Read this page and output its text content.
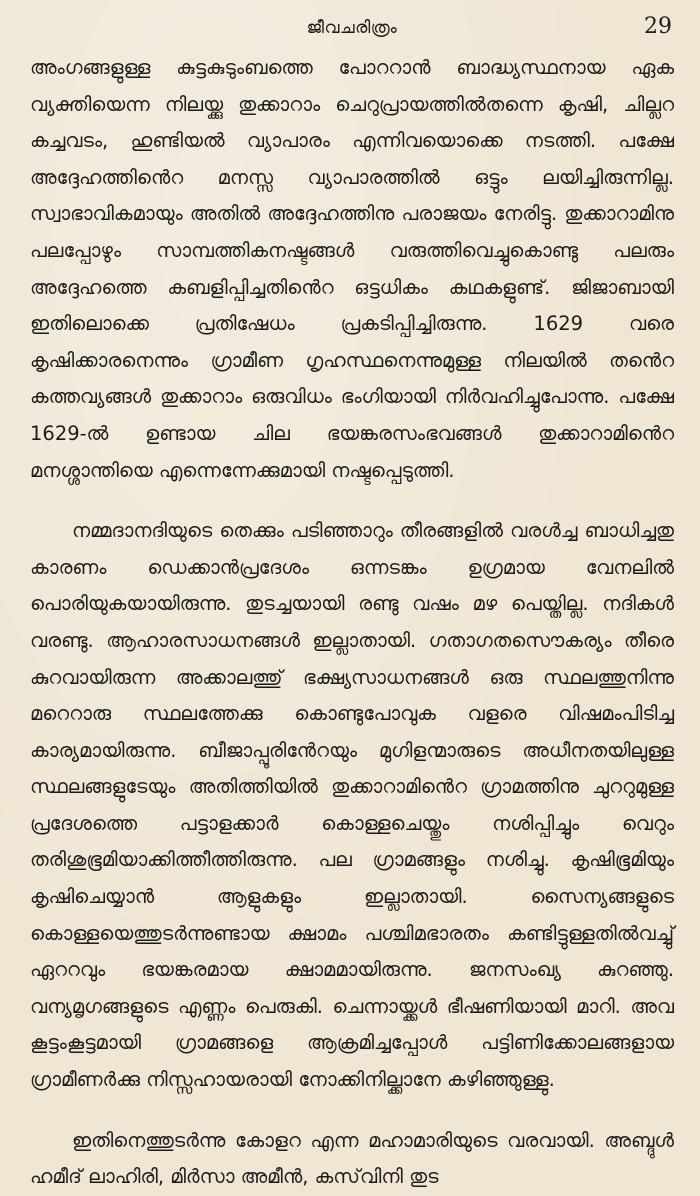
ജീവചരിത്രം	29

അംഗങ്ങളുള്ള കുട്ടകുടുംബത്തെ പോററാൻ ബാദ്ധ്യസ്ഥനായ ഏക വ്യക്തിയെന്ന നിലയ്ക്കു തുക്കാറാം ചെറുപ്രായത്തിൽതന്നെ കൃഷി, ചില്ലറ കച്ചവടം, ഹുണ്ടിയൽ വ്യാപാരം എന്നിവയൊക്കെ നടത്തി. പക്ഷേ അദ്ദേഹത്തിൻെറ മനസ്സ വ്യാപാരത്തിൽ ഒട്ടും ലയിച്ചിരുന്നില്ല. സ്വാഭാവികമായും അതിൽ അദ്ദേഹത്തിനു പരാജയം നേരിട്ടു. തുക്കാറാമിനു പലപ്പോഴും സാമ്പത്തികനഷ്ടങ്ങൾ വരുത്തിവെച്ചുകൊണ്ടു പലരും അദ്ദേഹത്തെ കബളിപ്പിച്ചതിൻെറ ഒട്ടധികം കഥകളുണ്ട്. ജിജാബായി ഇതിലൊക്കെ പ്രതിഷേധം പ്രകടിപ്പിച്ചിരുന്നു. 1629 വരെ കൃഷിക്കാരനെന്നും ഗ്രാമീണ ഗൃഹസ്ഥനെന്നുമുള്ള നിലയിൽ തൻെറ കത്തവ്യങ്ങൾ തുക്കാറാം ഒരുവിധം ഭംഗിയായി നിർവഹിച്ചുപോന്നു. പക്ഷേ 1629-ൽ ഉണ്ടായ ചില ഭയങ്കരസംഭവങ്ങൾ തുക്കാറാമിൻെറ മനശ്ശാന്തിയെ എന്നെന്നേക്കുമായി നഷ്ടപ്പെടുത്തി.

നമ്മദാനദിയുടെ തെക്കും പടിഞ്ഞാറും തീരങ്ങളിൽ വരൾച്ച ബാധിച്ചതു കാരണം ഡെക്കാൻപ്രദേശം ഒന്നടങ്കം ഉഗ്രമായ വേനലിൽ പൊരിയുകയായിരുന്നു. തുടച്ചയായി രണ്ടു വഷം മഴ പെയ്തില്ല. നദികൾ വരണ്ടു. ആഹാരസാധനങ്ങൾ ഇല്ലാതായി. ഗതാഗതസൌകര്യം തീരെ കുറവായിരുന്ന അക്കാലത്തു് ഭക്ഷ്യസാധനങ്ങൾ ഒരു സ്ഥലത്തുനിന്നു മറെറാരു സ്ഥലത്തേക്കു കൊണ്ടുപോവുക വളരെ വിഷമംപിടിച്ച കാര്യമായിരുന്നു. ബീജാപ്പൂരിൻേറയും മുഗിളന്മാരുടെ അധീനതയിലുള്ള സ്ഥലങ്ങളുടേയും അതിത്തിയിൽ തുക്കാറാമിൻെറ ഗ്രാമത്തിനു ചുററുമുള്ള പ്രദേശത്തെ പട്ടാളക്കാർ കൊള്ളചെയ്തും നശിപ്പിച്ചും വെറും തരിശുഭൂമിയാക്കിത്തീത്തിരുന്നു. പല ഗ്രാമങ്ങളും നശിച്ചു. കൃഷിഭൂമിയും കൃഷിചെയ്യാൻ ആളുകളും ഇല്ലാതായി. സൈന്യങ്ങളുടെ കൊള്ളയെത്തുടർന്നുണ്ടായ ക്ഷാമം പശ്ചിമഭാരതം കണ്ടിട്ടുള്ളതിൽവച്ചു് ഏററവും ഭയങ്കരമായ ക്ഷാമമായിരുന്നു. ജനസംഖ്യ കുറഞ്ഞു. വന്യമൃഗങ്ങളുടെ എണ്ണം പെരുകി. ചെന്നായ്ക്കൾ ഭീഷണിയായി മാറി. അവ കൂട്ടംകൂട്ടമായി ഗ്രാമങ്ങളെ ആക്രമിച്ചപ്പോൾ പട്ടിണിക്കോലങ്ങളായ ഗ്രാമീണർക്കു നിസ്സഹായരായി നോക്കിനില്ക്കാനേ കഴിഞ്ഞുള്ളു.

ഇതിനെത്തുടർന്നു കോളറ എന്ന മഹാമാരിയുടെ വരവായി. അബ്ദുൾ ഹമീദ് ലാഹിരി, മിർസാ അമീൻ, കസ്‌വിനി തുട
